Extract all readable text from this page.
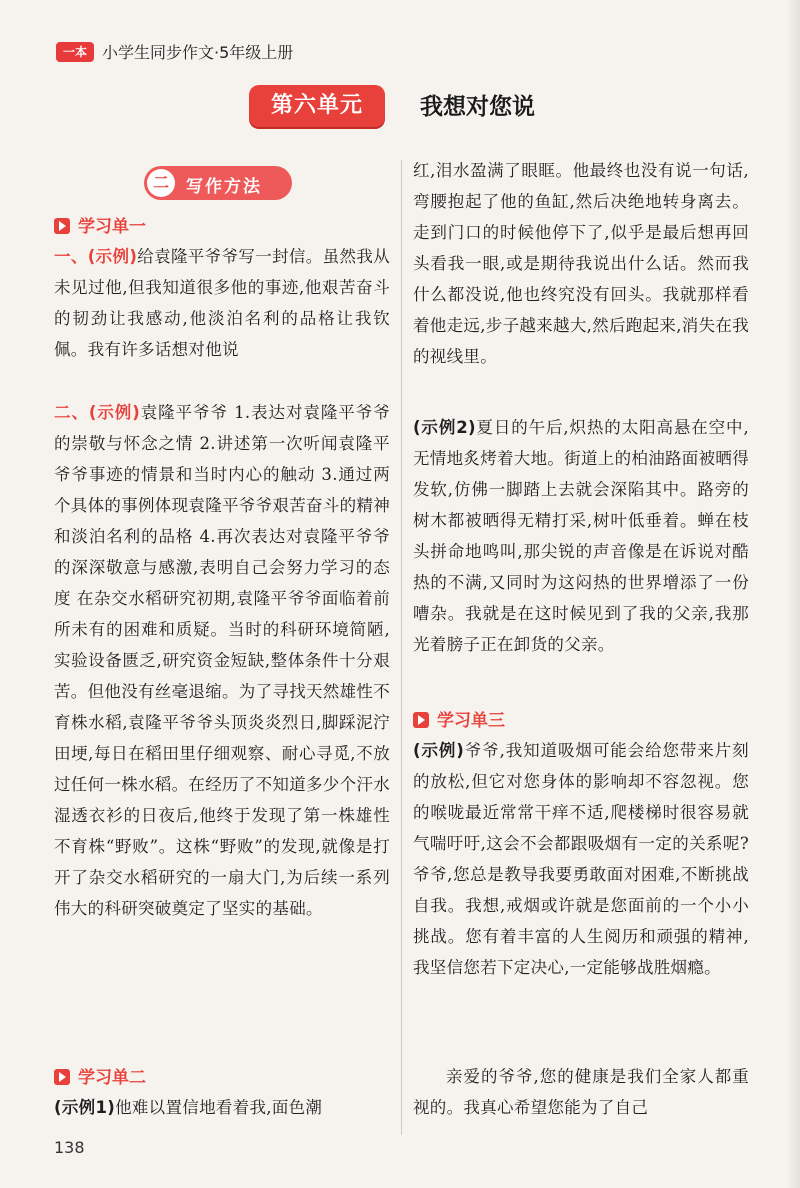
一本 小学生同步作文·5年级上册
第六单元	我想对您说
二	写作方法
学习单一
一、(示例)给袁隆平爷爷写一封信。虽然我从未见过他,但我知道很多他的事迹,他艰苦奋斗的韧劲让我感动,他淡泊名利的品格让我钦佩。我有许多话想对他说
二、(示例)袁隆平爷爷 1.表达对袁隆平爷爷的崇敬与怀念之情 2.讲述第一次听闻袁隆平爷爷事迹的情景和当时内心的触动 3.通过两个具体的事例体现袁隆平爷爷艰苦奋斗的精神和淡泊名利的品格 4.再次表达对袁隆平爷爷的深深敬意与感激,表明自己会努力学习的态度 在杂交水稻研究初期,袁隆平爷爷面临着前所未有的困难和质疑。当时的科研环境简陋,实验设备匮乏,研究资金短缺,整体条件十分艰苦。但他没有丝毫退缩。为了寻找天然雄性不育株水稻,袁隆平爷爷头顶炎炎烈日,脚踩泥泞田埂,每日在稻田里仔细观察、耐心寻觅,不放过任何一株水稻。在经历了不知道多少个汗水湿透衣衫的日夜后,他终于发现了第一株雄性不育株“野败”。这株“野败”的发现,就像是打开了杂交水稻研究的一扇大门,为后续一系列伟大的科研突破奠定了坚实的基础。
学习单二
(示例1)他难以置信地看着我,面色潮
红,泪水盈满了眼眶。他最终也没有说一句话,弯腰抱起了他的鱼缸,然后决绝地转身离去。走到门口的时候他停下了,似乎是最后想再回头看我一眼,或是期待我说出什么话。然而我什么都没说,他也终究没有回头。我就那样看着他走远,步子越来越大,然后跑起来,消失在我的视线里。
(示例2)夏日的午后,炽热的太阳高悬在空中,无情地炙烤着大地。街道上的柏油路面被晒得发软,仿佛一脚踏上去就会深陷其中。路旁的树木都被晒得无精打采,树叶低垂着。蝉在枝头拼命地鸣叫,那尖锐的声音像是在诉说对酷热的不满,又同时为这闷热的世界增添了一份嘈杂。我就是在这时候见到了我的父亲,我那光着膀子正在卸货的父亲。
学习单三
(示例)爷爷,我知道吸烟可能会给您带来片刻的放松,但它对您身体的影响却不容忽视。您的喉咙最近常常干痒不适,爬楼梯时很容易就气喘吁吁,这会不会都跟吸烟有一定的关系呢?爷爷,您总是教导我要勇敢面对困难,不断挑战自我。我想,戒烟或许就是您面前的一个小小挑战。您有着丰富的人生阅历和顽强的精神,我坚信您若下定决心,一定能够战胜烟瘾。
亲爱的爷爷,您的健康是我们全家人都重视的。我真心希望您能为了自己
138
